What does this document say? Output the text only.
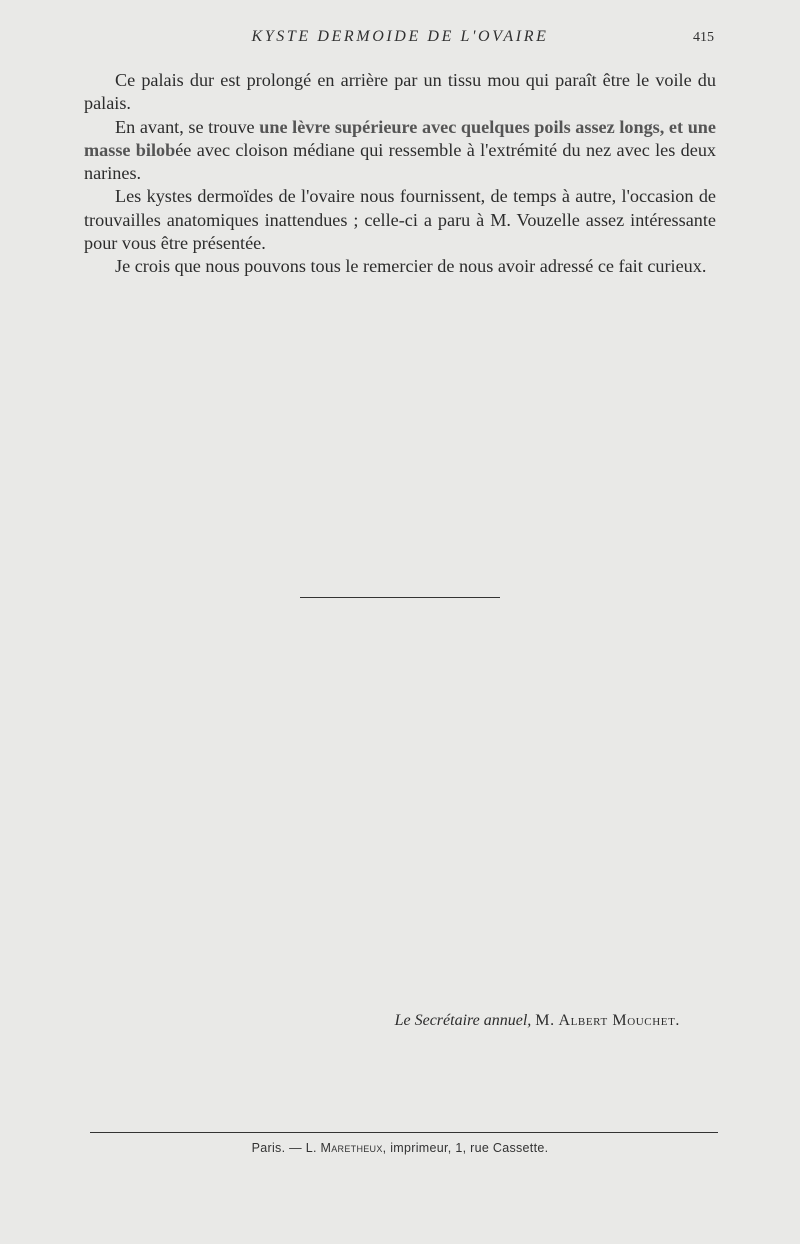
KYSTE DERMOIDE DE L'OVAIRE	415

Ce palais dur est prolongé en arrière par un tissu mou qui paraît être le voile du palais.

En avant, se trouve une lèvre supérieure avec quelques poils assez longs, et une masse bilobée avec cloison médiane qui ressemble à l'extrémité du nez avec les deux narines.

Les kystes dermoïdes de l'ovaire nous fournissent, de temps à autre, l'occasion de trouvailles anatomiques inattendues ; celle-ci a paru à M. Vouzelle assez intéressante pour vous être présentée.

Je crois que nous pouvons tous le remercier de nous avoir adressé ce fait curieux.

Le Secrétaire annuel, M. Albert Mouchet.
Paris. — L. Maretheux, imprimeur, 1, rue Cassette.
